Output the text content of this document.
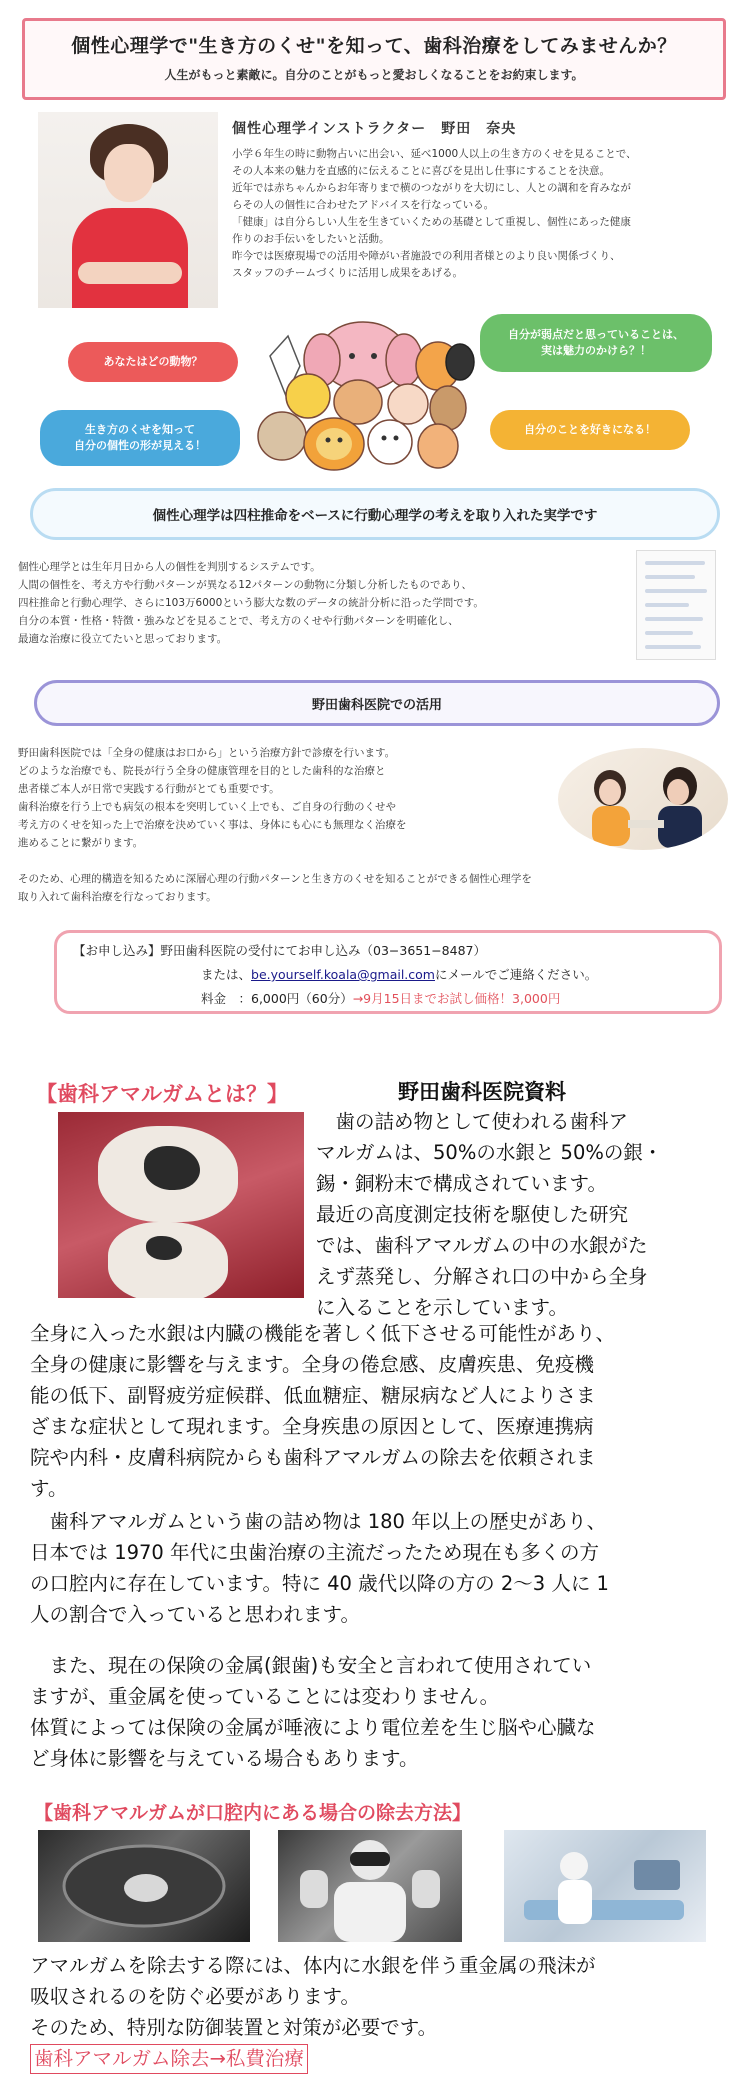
個性心理学で"生き方のくせ"を知って、歯科治療をしてみませんか？
人生がもっと素敵に。自分のことがもっと愛おしくなることをお約束します。
個性心理学インストラクター　野田　奈央
小学６年生の時に動物占いに出会い、延べ1000人以上の生き方のくせを見ることで、
その人本来の魅力を直感的に伝えることに喜びを見出し仕事にすることを決意。
近年では赤ちゃんからお年寄りまで横のつながりを大切にし、人との調和を育みなが
らその人の個性に合わせたアドバイスを行なっている。
「健康」は自分らしい人生を生きていくための基礎として重視し、個性にあった健康
作りのお手伝いをしたいと活動。
昨今では医療現場での活用や障がい者施設での利用者様とのより良い関係づくり、
スタッフのチームづくりに活用し成果をあげる。
あなたはどの動物？
自分が弱点だと思っていることは、
実は魅力のかけら？！
生き方のくせを知って
自分の個性の形が見える！
自分のことを好きになる！
個性心理学は四柱推命をベースに行動心理学の考えを取り入れた実学です
個性心理学とは生年月日から人の個性を判別するシステムです。
人間の個性を、考え方や行動パターンが異なる12パターンの動物に分類し分析したものであり、
四柱推命と行動心理学、さらに103万6000という膨大な数のデータの統計分析に沿った学問です。
自分の本質・性格・特徴・強みなどを見ることで、考え方のくせや行動パターンを明確化し、
最適な治療に役立てたいと思っております。
野田歯科医院での活用
野田歯科医院では「全身の健康はお口から」という治療方針で診療を行います。
どのような治療でも、院長が行う全身の健康管理を目的とした歯科的な治療と
患者様ご本人が日常で実践する行動がとても重要です。
歯科治療を行う上でも病気の根本を突明していく上でも、ご自身の行動のくせや
考え方のくせを知った上で治療を決めていく事は、身体にも心にも無理なく治療を
進めることに繋がります。
そのため、心理的構造を知るために深層心理の行動パターンと生き方のくせを知ることができる個性心理学を
取り入れて歯科治療を行なっております。
【お申し込み】野田歯科医院の受付にてお申し込み（03−3651−8487）
または、be.yourself.koala@gmail.comにメールでご連絡ください。
料金　：6,000円（60分）→9月15日までお試し価格！3,000円
【歯科アマルガムとは？】	野田歯科医院資料
　歯の詰め物として使われる歯科ア
マルガムは、50%の水銀と 50%の銀・
錫・銅粉末で構成されています。
最近の高度測定技術を駆使した研究
では、歯科アマルガムの中の水銀がた
えず蒸発し、分解され口の中から全身
に入ることを示しています。
全身に入った水銀は内臓の機能を著しく低下させる可能性があり、
全身の健康に影響を与えます。全身の倦怠感、皮膚疾患、免疫機
能の低下、副腎疲労症候群、低血糖症、糖尿病など人によりさま
ざまな症状として現れます。全身疾患の原因として、医療連携病
院や内科・皮膚科病院からも歯科アマルガムの除去を依頼されま
す。
　歯科アマルガムという歯の詰め物は 180 年以上の歴史があり、
日本では 1970 年代に虫歯治療の主流だったため現在も多くの方
の口腔内に存在しています。特に 40 歳代以降の方の 2〜3 人に 1
人の割合で入っていると思われます。
　また、現在の保険の金属(銀歯)も安全と言われて使用されてい
ますが、重金属を使っていることには変わりません。
体質によっては保険の金属が唾液により電位差を生じ脳や心臓な
ど身体に影響を与えている場合もあります。
【歯科アマルガムが口腔内にある場合の除去方法】
アマルガムを除去する際には、体内に水銀を伴う重金属の飛沫が
吸収されるのを防ぐ必要があります。
そのため、特別な防御装置と対策が必要です。
歯科アマルガム除去→私費治療
